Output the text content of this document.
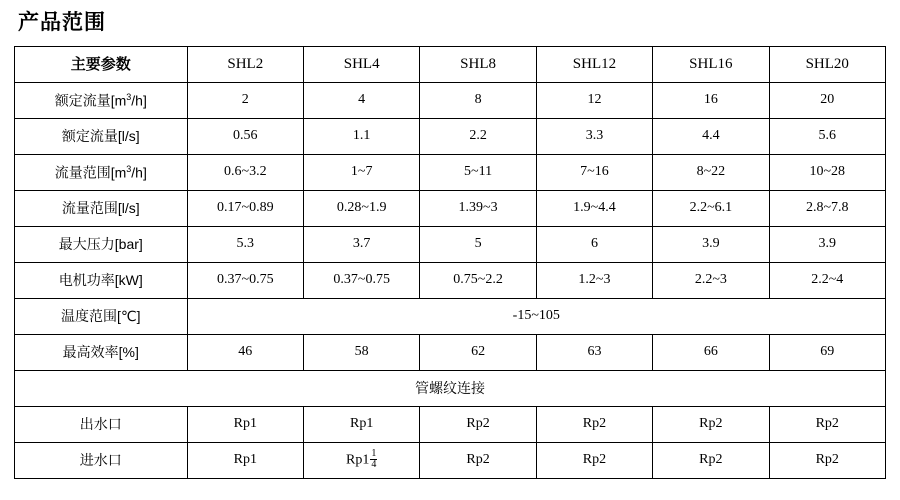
产品范围
主要参数	SHL2	SHL4	SHL8	SHL12	SHL16	SHL20
额定流量$[m^3/h]$	2	4	8	12	16	20
额定流量[l/s]	0.56	1.1	2.2	3.3	4.4	5.6
流量范围$[m^3/h]$	0.6~3.2	1~7	5~11	7~16	8~22	10~28
流量范围[l/s]	0.17~0.89	0.28~1.9	1.39~3	1.9~4.4	2.2~6.1	2.8~7.8
最大压力[bar]	5.3	3.7	5	6	3.9	3.9
电机功率[kW]	0.37~0.75	0.37~0.75	0.75~2.2	1.2~3	2.2~3	2.2~4
温度范围[℃]	-15~105					
最高效率[%]	46	58	62	63	66	69
管螺纹连接						
出水口	Rp1	Rp1	Rp2	Rp2	Rp2	Rp2
进水口	Rp1	$Rp1 \frac{1}{4}$	Rp2	Rp2	Rp2	Rp2
